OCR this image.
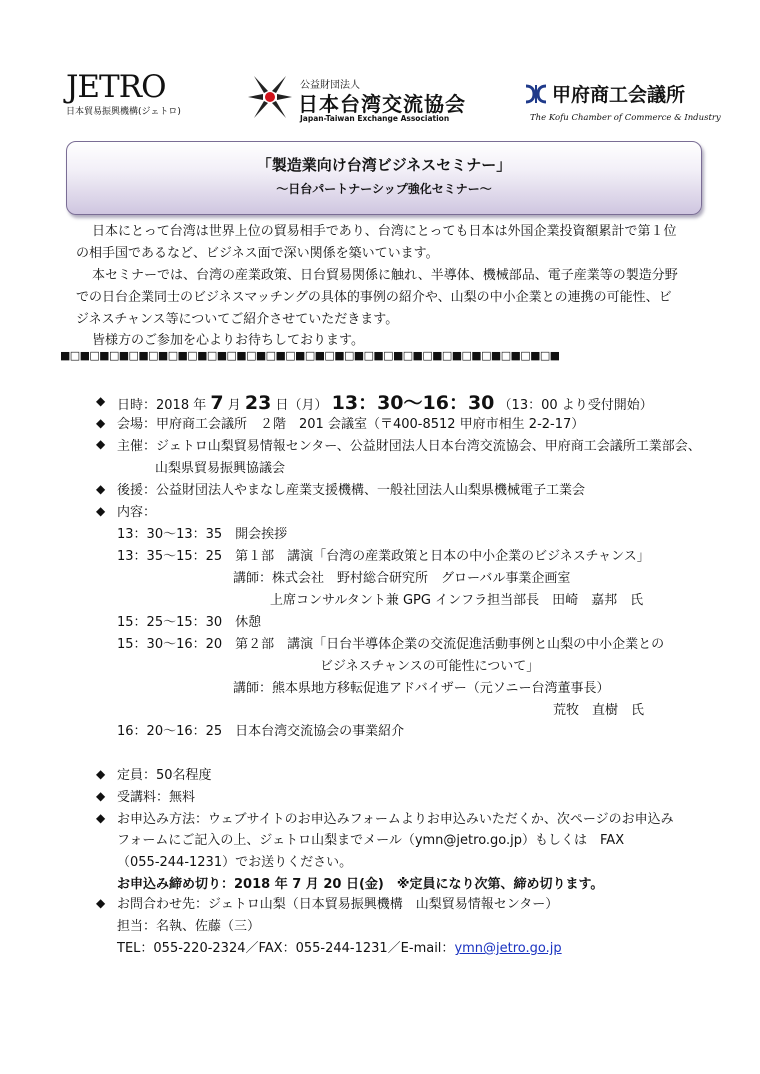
JETRO
日本貿易振興機構(ジェトロ)
公益財団法人
日本台湾交流協会
Japan-Taiwan Exchange Association
甲府商工会議所
The Kofu Chamber of Commerce & Industry
「製造業向け台湾ビジネスセミナー」
～日台パートナーシップ強化セミナー～
日本にとって台湾は世界上位の貿易相手であり、台湾にとっても日本は外国企業投資額累計で第１位
の相手国であるなど、ビジネス面で深い関係を築いています。
本セミナーでは、台湾の産業政策、日台貿易関係に触れ、半導体、機械部品、電子産業等の製造分野
での日台企業同士のビジネスマッチングの具体的事例の紹介や、山梨の中小企業との連携の可能性、ビ
ジネスチャンス等についてご紹介させていただきます。
皆様方のご参加を心よりお待ちしております。
■□■□■□■□■□■□■□■□■□■□■□■□■□■□■□■□■□■□■□■□■□■□■□■□■□■
◆ 日時：2018 年 7 月 23 日（月） 13：30～16：30 （13：00 より受付開始）
◆ 会場：甲府商工会議所　２階　201 会議室（〒400-8512 甲府市相生 2-2-17）
◆ 主催：ジェトロ山梨貿易情報センター、公益財団法人日本台湾交流協会、甲府商工会議所工業部会、
山梨県貿易振興協議会
◆ 後援：公益財団法人やまなし産業支援機構、一般社団法人山梨県機械電子工業会
◆ 内容：
13：30～13：35　開会挨拶
13：35～15：25　第１部　講演「台湾の産業政策と日本の中小企業のビジネスチャンス」
講師：株式会社　野村総合研究所　グローバル事業企画室
上席コンサルタント兼 GPG インフラ担当部長　田崎　嘉邦　氏
15：25～15：30　休憩
15：30～16：20　第２部　講演「日台半導体企業の交流促進活動事例と山梨の中小企業との
ビジネスチャンスの可能性について」
講師：熊本県地方移転促進アドバイザー（元ソニー台湾董事長）
荒牧　直樹　氏
16：20～16：25　日本台湾交流協会の事業紹介
◆ 定員：50名程度
◆ 受講料：無料
◆ お申込み方法：ウェブサイトのお申込みフォームよりお申込みいただくか、次ページのお申込み
フォームにご記入の上、ジェトロ山梨までメール（ymn@jetro.go.jp）もしくは　FAX
（055-244-1231）でお送りください。
お申込み締め切り：2018 年 7 月 20 日(金)　※定員になり次第、締め切ります。
◆ お問合わせ先：ジェトロ山梨（日本貿易振興機構　山梨貿易情報センター）
担当：名執、佐藤（三）
TEL：055-220-2324／FAX：055-244-1231／E-mail：ymn@jetro.go.jp
